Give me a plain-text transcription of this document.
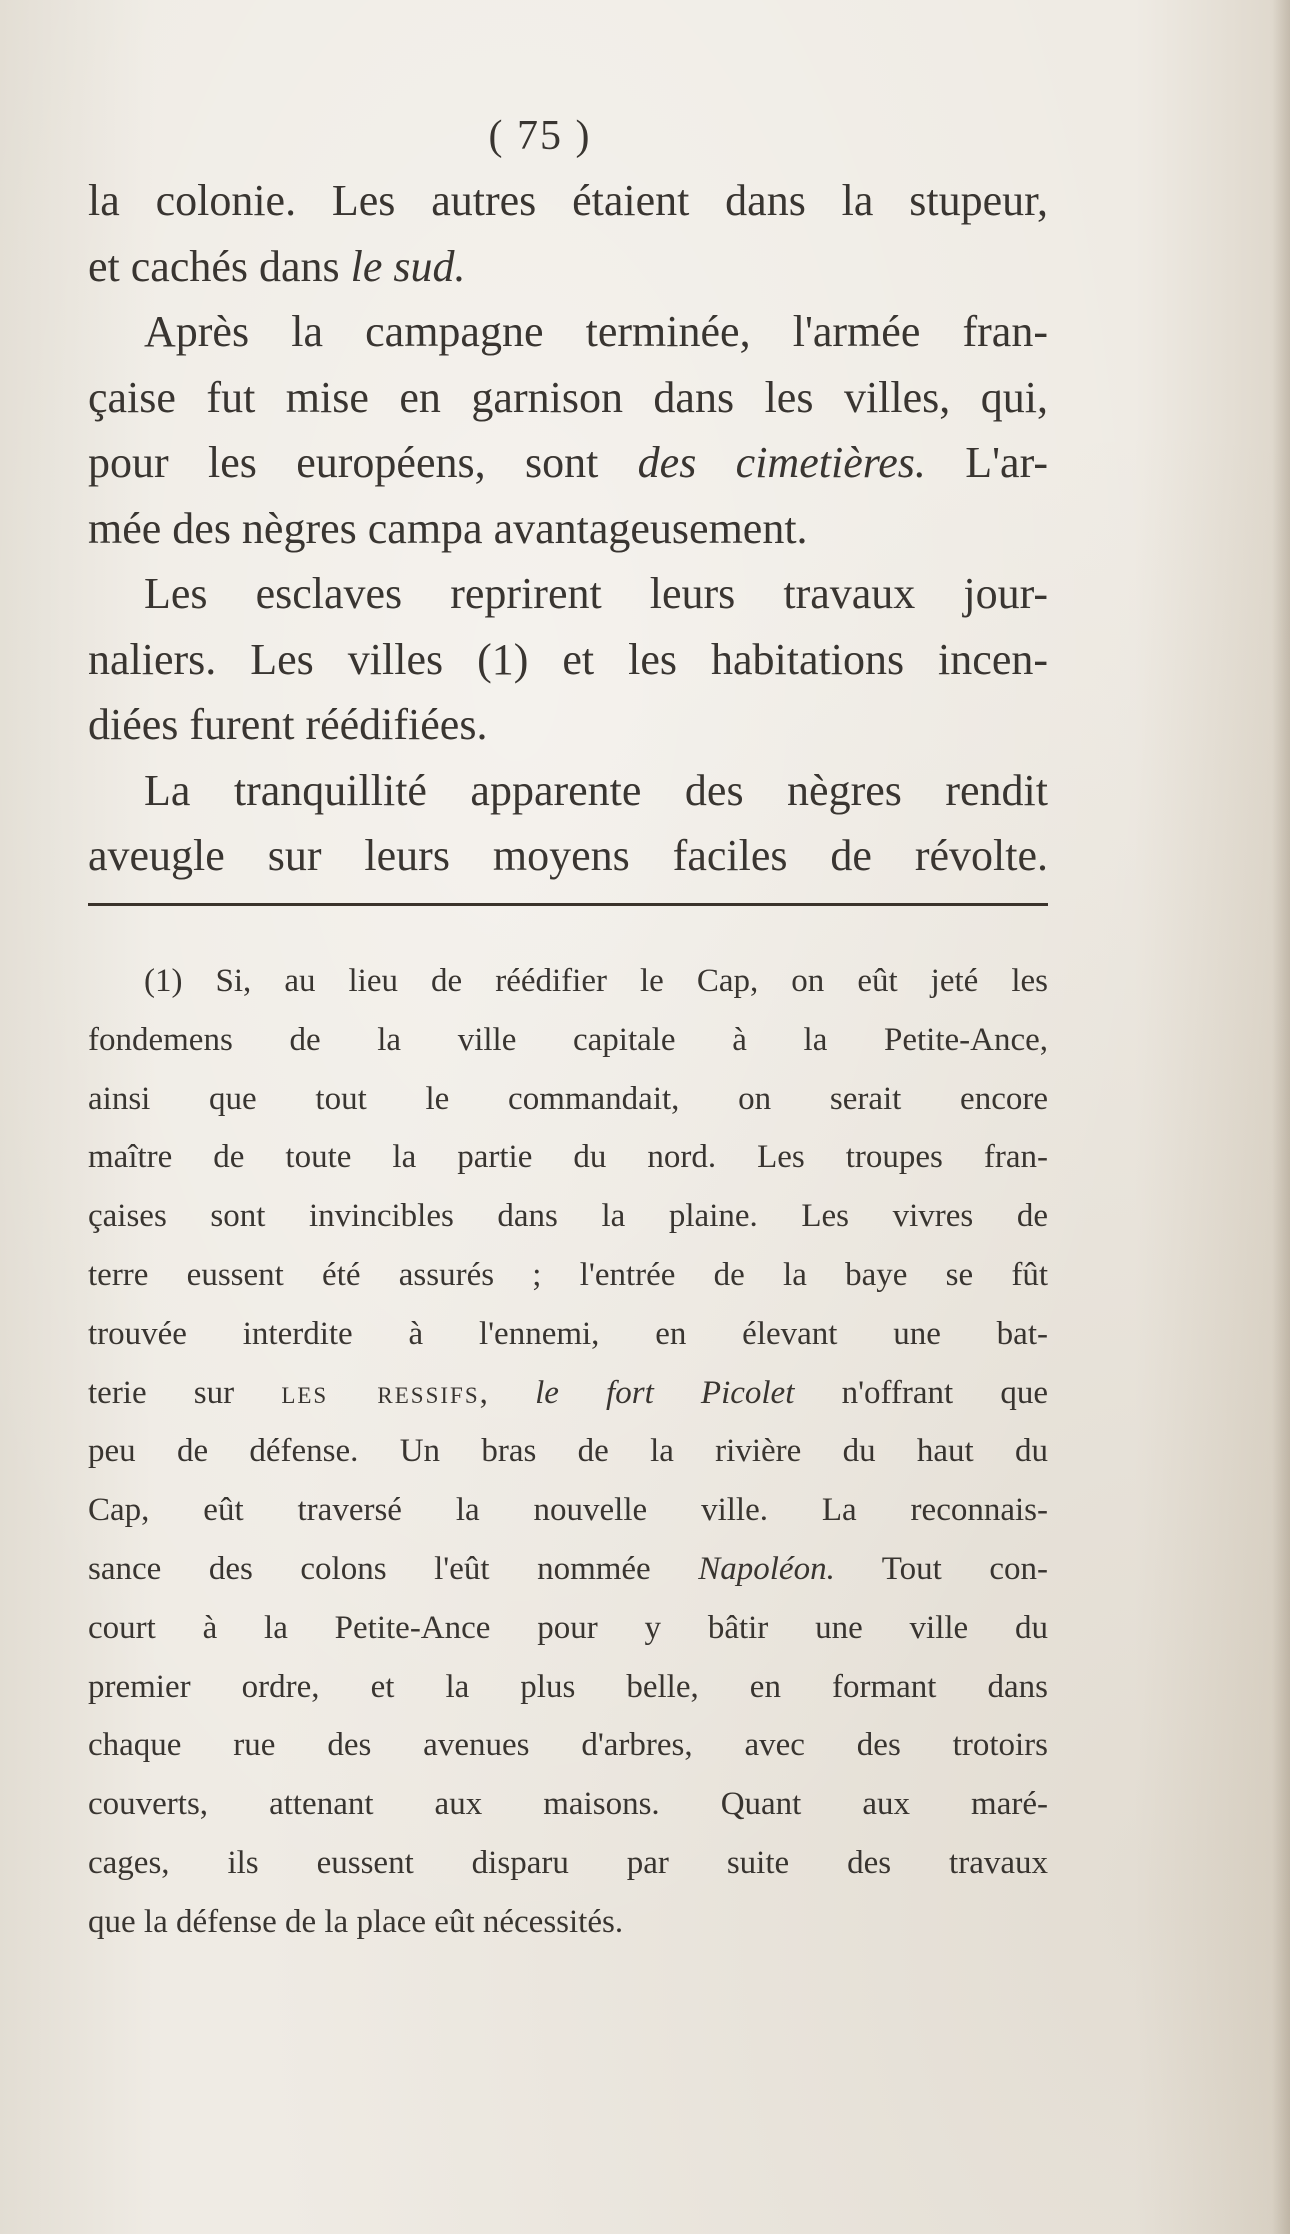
( 75 )
la colonie. Les autres étaient dans la stupeur,
et cachés dans le sud.
Après la campagne terminée, l'armée fran-
çaise fut mise en garnison dans les villes, qui,
pour les européens, sont des cimetières. L'ar-
mée des nègres campa avantageusement.
Les esclaves reprirent leurs travaux jour-
naliers. Les villes (1) et les habitations incen-
diées furent réédifiées.
La tranquillité apparente des nègres rendit
aveugle sur leurs moyens faciles de révolte.
(1) Si, au lieu de réédifier le Cap, on eût jeté les
fondemens de la ville capitale à la Petite-Ance,
ainsi que tout le commandait, on serait encore
maître de toute la partie du nord. Les troupes fran-
çaises sont invincibles dans la plaine. Les vivres de
terre eussent été assurés ; l'entrée de la baye se fût
trouvée interdite à l'ennemi, en élevant une bat-
terie sur les ressifs, le fort Picolet n'offrant que
peu de défense. Un bras de la rivière du haut du
Cap, eût traversé la nouvelle ville. La reconnais-
sance des colons l'eût nommée Napoléon. Tout con-
court à la Petite-Ance pour y bâtir une ville du
premier ordre, et la plus belle, en formant dans
chaque rue des avenues d'arbres, avec des trotoirs
couverts, attenant aux maisons. Quant aux maré-
cages, ils eussent disparu par suite des travaux
que la défense de la place eût nécessités.
